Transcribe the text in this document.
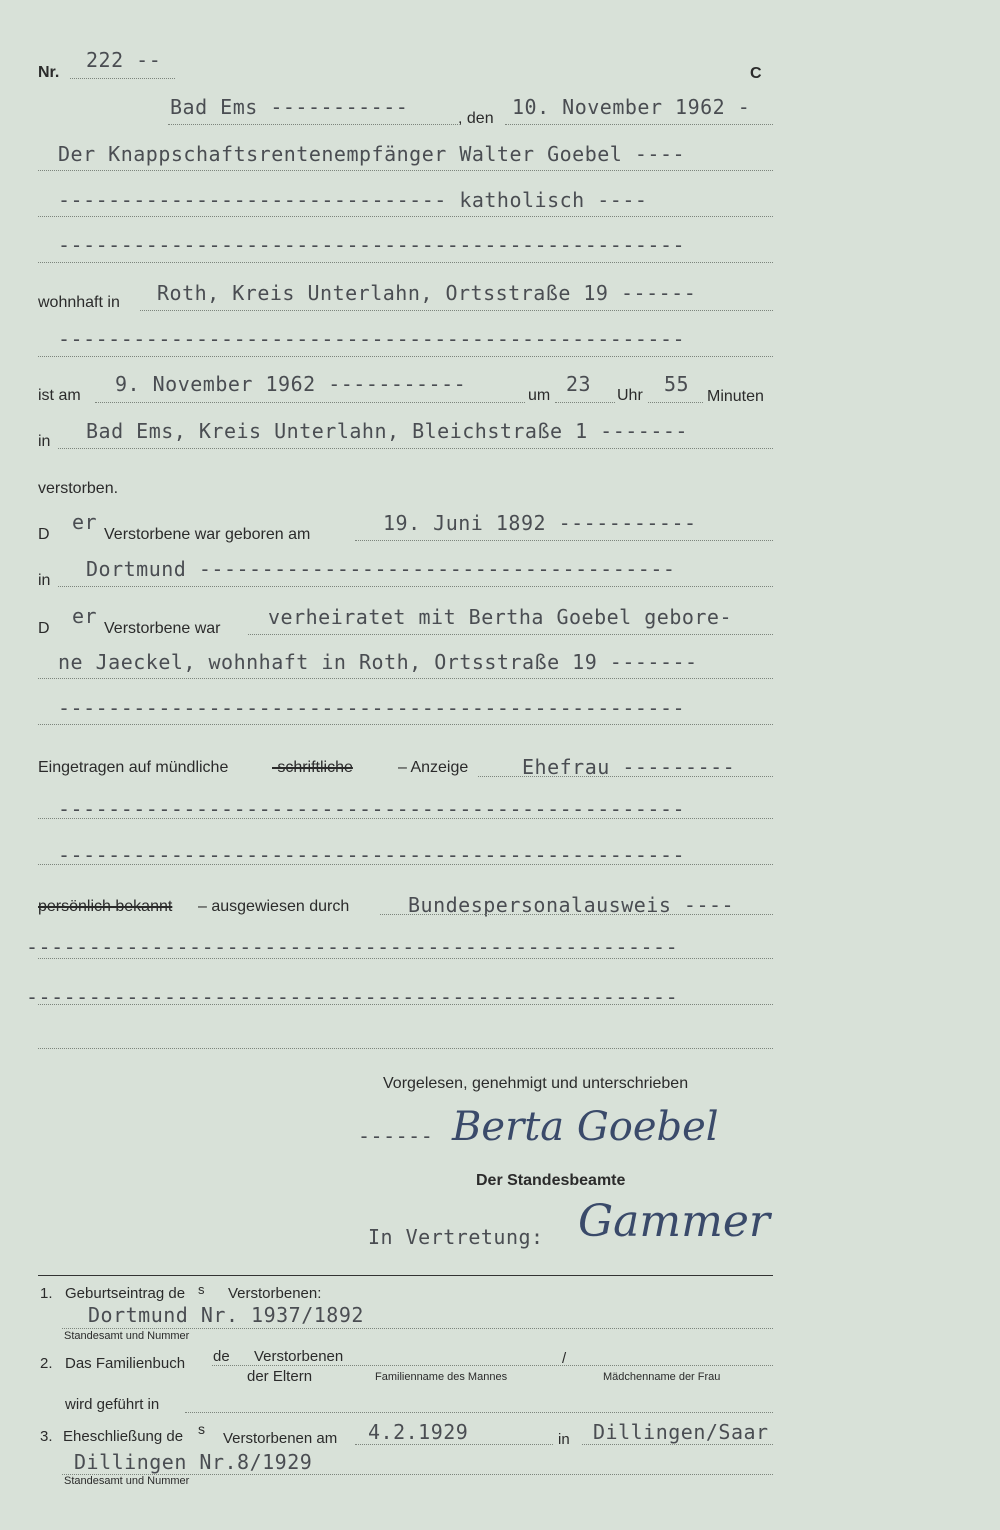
Nr.
222 --
C
Bad Ems -----------	, den 10. November 1962 -
Der Knappschaftsrentenempfänger Walter Goebel ----
------------------------------- katholisch ----
--------------------------------------------------
wohnhaft in Roth, Kreis Unterlahn, Ortsstraße 19 ------
--------------------------------------------------
ist am 9. November 1962 -----------	um 23 Uhr 55
Minuten
in Bad Ems, Kreis Unterlahn, Bleichstraße 1 -------
verstorben.
D
er
Verstorbene war geboren am	19. Juni 1892 -----------
in Dortmund --------------------------------------
D
er
Verstorbene war verheiratet mit Bertha Goebel gebore-
ne Jaeckel, wohnhaft in Roth, Ortsstraße 19 -------
--------------------------------------------------
Eingetragen auf mündliche	-schriftliche	– Anzeige	Ehefrau ---------
--------------------------------------------------
--------------------------------------------------
persönlich bekannt – ausgewiesen durch	Bundespersonalausweis ----
----------------------------------------------------
----------------------------------------------------
Vorgelesen, genehmigt und unterschrieben
------ Berta Goebel
Der Standesbeamte
In Vertretung: Gammer
1. Geburtseintrag de s Verstorbenen:
Dortmund Nr. 1937/1892
Standesamt und Nummer
2. Das Familienbuch de Verstorbenen	/
der Eltern	Familienname des Mannes	Mädchenname der Frau
wird geführt in
3. Eheschließung de s
Verstorbenen am 4.2.1929	in Dillingen/Saar
Dillingen Nr.8/1929
Standesamt und Nummer
